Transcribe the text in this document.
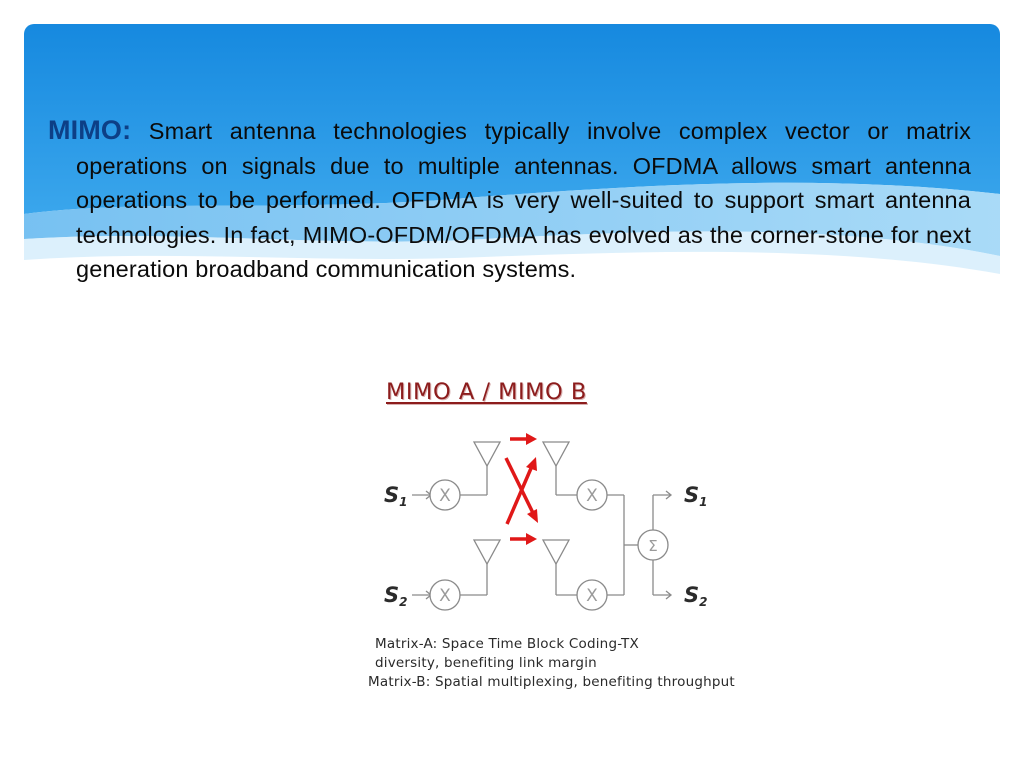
MIMO: Smart antenna technologies typically involve complex vector or matrix operations on signals due to multiple antennas. OFDMA allows smart antenna operations to be performed. OFDMA is very well-suited to support smart antenna technologies. In fact, MIMO-OFDM/OFDMA has evolved as the corner-stone for next generation broadband communication systems.
MIMO A / MIMO B
X
X
X
X
Σ
S1
S2
S1
S2
Matrix-A: Space Time Block Coding-TX
diversity, benefiting link margin
Matrix-B: Spatial multiplexing, benefiting throughput
